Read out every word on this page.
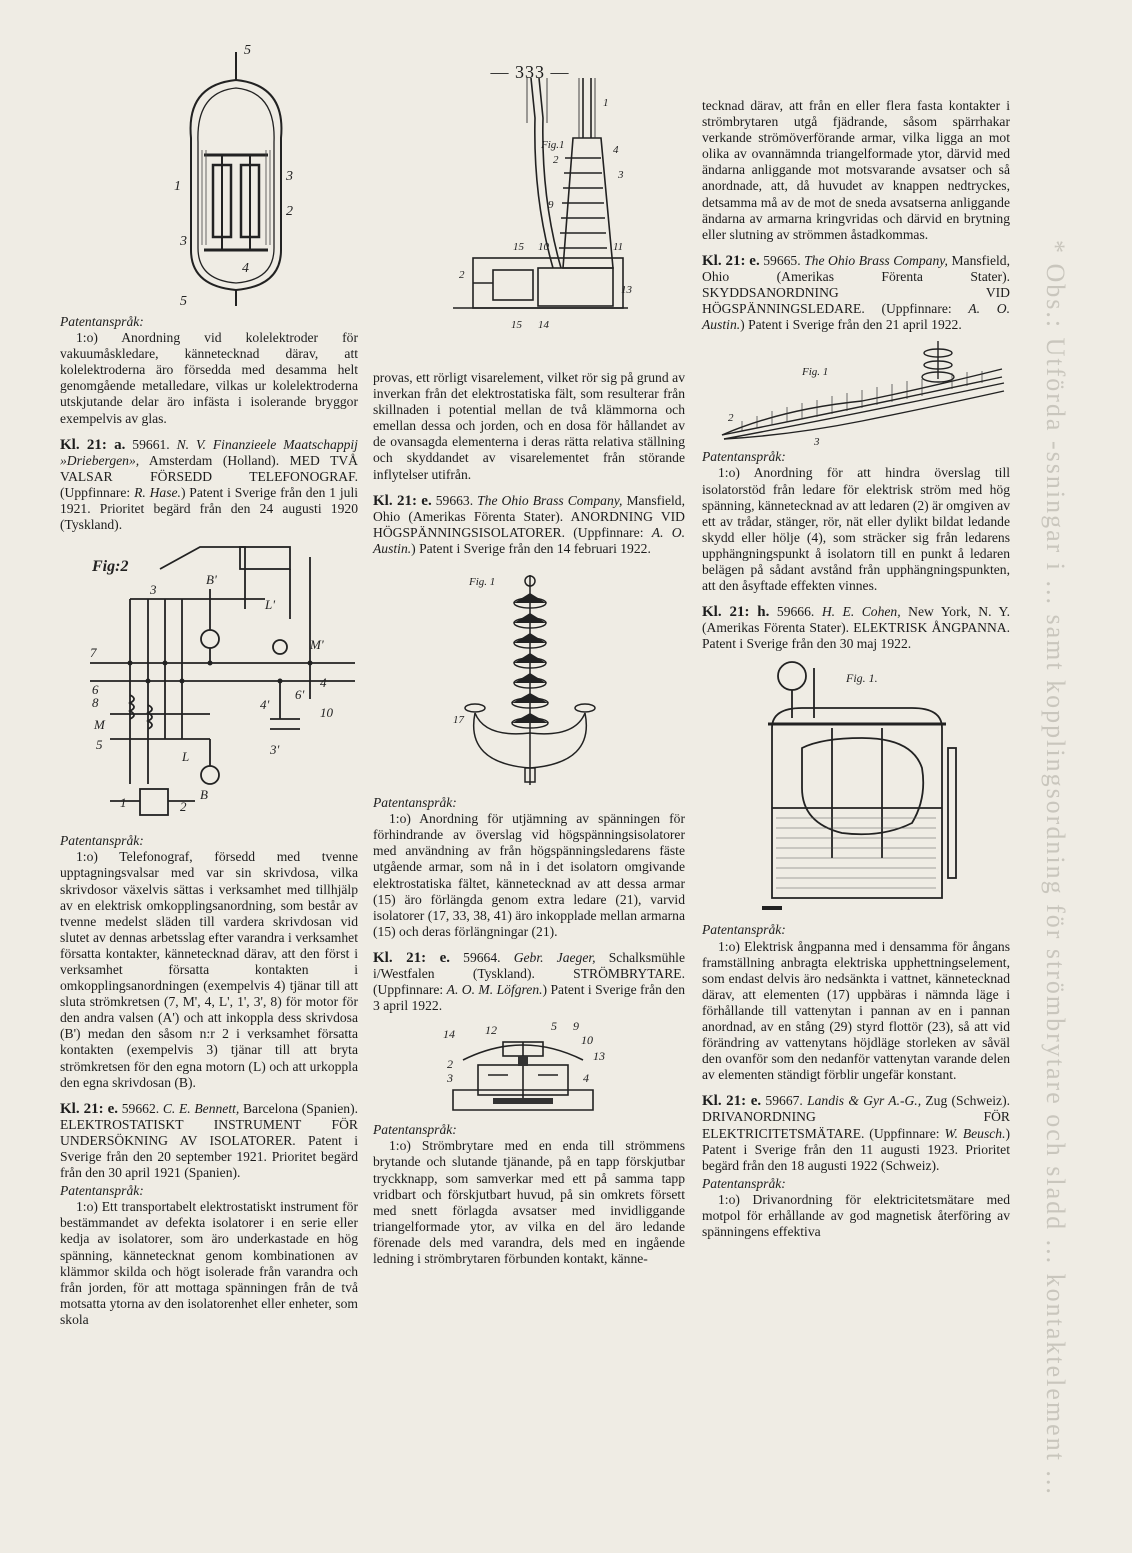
— 333 —
* Obs.: Utförda -ssningar i ... samt kopplingsordning för strömbrytare och sladd ... kontaktelement ...
5
1
3
2
3
4
5

Patentanspråk:

1:o) Anordning vid kolelektroder för vakuumåskledare, kännetecknad därav, att kolelektroderna äro försedda med desamma helt genomgående metalledare, vilkas ur kolelektroderna utskjutande delar äro infästa i isolerande bryggor exempelvis av glas.

Kl. 21: a. 59661. N. V. Finanzieele Maatschappij »Driebergen», Amsterdam (Holland). MED TVÅ VALSAR FÖRSEDD TELEFONOGRAF. (Uppfinnare: R. Hase.) Patent i Sverige från den 1 juli 1921. Prioritet begärd från den 24 augusti 1920 (Tyskland).

Fig:2
3
B'
L'
M'
6'
4
10
4'
7
8
6
M
5
L
B
3'
1	2

Patentanspråk:

1:o) Telefonograf, försedd med tvenne upptagningsvalsar med var sin skrivdosa, vilka skrivdosor växelvis sättas i verksamhet med tillhjälp av en elektrisk omkopplingsanordning, som består av tvenne medelst släden till vardera skrivdosan vid slutet av dennas arbetsslag efter varandra i verksamhet försatta kontakter, kännetecknad därav, att den först i verksamhet försatta kontakten i omkopplingsanordningen (exempelvis 4) tjänar till att sluta strömkretsen (7, M', 4, L', 1', 3', 8) för motor för den andra valsen (A') och att inkoppla dess skrivdosa (B') medan den såsom n:r 2 i verksamhet försatta kontakten (exempelvis 3) tjänar till att bryta strömkretsen för den egna motorn (L) och att urkoppla den egna skrivdosan (B).

Kl. 21: e. 59662. C. E. Bennett, Barcelona (Spanien). ELEKTROSTATISKT INSTRUMENT FÖR UNDERSÖKNING AV ISOLATORER. Patent i Sverige från den 20 september 1921. Prioritet begärd från den 30 april 1921 (Spanien).

Patentanspråk:

1:o) Ett transportabelt elektrostatiskt instrument för bestämmandet av defekta isolatorer i en serie eller kedja av isolatorer, som äro underkastade en hög spänning, kännetecknat genom kombinationen av klämmor skilda och högt isolerade från varandra och från jorden, för att mottaga spänningen från de två motsatta ytorna av den isolatorenhet eller enheter, som skola

Fig.1
1
2
4
3
9
15 10	11
2
13
15 14

provas, ett rörligt visarelement, vilket rör sig på grund av inverkan från det elektrostatiska fält, som resulterar från skillnaden i potential mellan de två klämmorna och emellan dessa och jorden, och en dosa för hållandet av de ovansagda elementerna i deras rätta relativa ställning och skyddandet av visarelementet från störande inflytelser utifrån.

Kl. 21: e. 59663. The Ohio Brass Company, Mansfield, Ohio (Amerikas Förenta Stater). ANORDNING VID HÖGSPÄNNINGSISOLATORER. (Uppfinnare: A. O. Austin.) Patent i Sverige från den 14 februari 1922.

Fig. 1
17

Patentanspråk:

1:o) Anordning för utjämning av spänningen för förhindrande av överslag vid högspänningsisolatorer med användning av från högspänningsledarens fäste utgående armar, som nå in i det isolatorn omgivande elektrostatiska fältet, kännetecknad av att dessa armar (15) äro förlängda genom extra ledare (21), varvid isolatorer (17, 33, 38, 41) äro inkopplade mellan armarna (15) och deras förlängningar (21).

Kl. 21: e. 59664. Gebr. Jaeger, Schalksmühle i/Westfalen (Tyskland). STRÖMBRYTARE. (Uppfinnare: A. O. M. Löfgren.) Patent i Sverige från den 3 april 1922.

14	12	5 9
10
13
2
3	4

Patentanspråk:

1:o) Strömbrytare med en enda till strömmens brytande och slutande tjänande, på en tapp förskjutbar tryckknapp, som samverkar med ett på samma tapp vridbart och förskjutbart huvud, på sin omkrets försett med snett förlagda avsatser med invidliggande triangelformade ytor, av vilka en del äro ledande förenade dels med varandra, dels med en ingående ledning i strömbrytaren förbunden kontakt, känne-

tecknad därav, att från en eller flera fasta kontakter i strömbrytaren utgå fjädrande, såsom spärrhakar verkande strömöverförande armar, vilka ligga an mot olika av ovannämnda triangelformade ytor, därvid med ändarna anliggande mot motsvarande avsatser och så anordnade, att, då huvudet av knappen nedtryckes, detsamma må av de mot de sneda avsatserna anliggande ändarna av armarna kringvridas och därvid en brytning eller slutning av strömmen åstadkommas.

Kl. 21: e. 59665. The Ohio Brass Company, Mansfield, Ohio (Amerikas Förenta Stater). SKYDDSANORDNING VID HÖGSPÄNNINGSLEDARE. (Uppfinnare: A. O. Austin.) Patent i Sverige från den 21 april 1922.

Fig. 1
2
3

Patentanspråk:

1:o) Anordning för att hindra överslag till isolatorstöd från ledare för elektrisk ström med hög spänning, kännetecknad av att ledaren (2) är omgiven av ett av trådar, stänger, rör, nät eller dylikt bildat ledande skydd eller hölje (4), som sträcker sig från ledarens upphängningspunkt å isolatorn till en punkt å ledaren belägen på sådant avstånd från upphängningspunkten, att den åsyftade effekten vinnes.

Kl. 21: h. 59666. H. E. Cohen, New York, N. Y. (Amerikas Förenta Stater). ELEKTRISK ÅNGPANNA. Patent i Sverige från den 30 maj 1922.

Fig. 1.

Patentanspråk:

1:o) Elektrisk ångpanna med i densamma för ångans framställning anbragta elektriska upphettningselement, som endast delvis äro nedsänkta i vattnet, kännetecknad därav, att elementen (17) uppbäras i nämnda läge i förhållande till vattenytan i pannan av en i pannan anordnad, av en stång (29) styrd flottör (23), så att vid förändring av vattenytans höjdläge storleken av såväl den ovanför som den nedanför vattenytan varande delen av elementen ständigt förblir ungefär konstant.

Kl. 21: e. 59667. Landis & Gyr A.-G., Zug (Schweiz). DRIVANORDNING FÖR ELEKTRICITETSMÄTARE. (Uppfinnare: W. Beusch.) Patent i Sverige från den 11 augusti 1923. Prioritet begärd från den 18 augusti 1922 (Schweiz).

Patentanspråk:

1:o) Drivanordning för elektricitetsmätare med motpol för erhållande av god magnetisk återföring av spänningens effektiva
